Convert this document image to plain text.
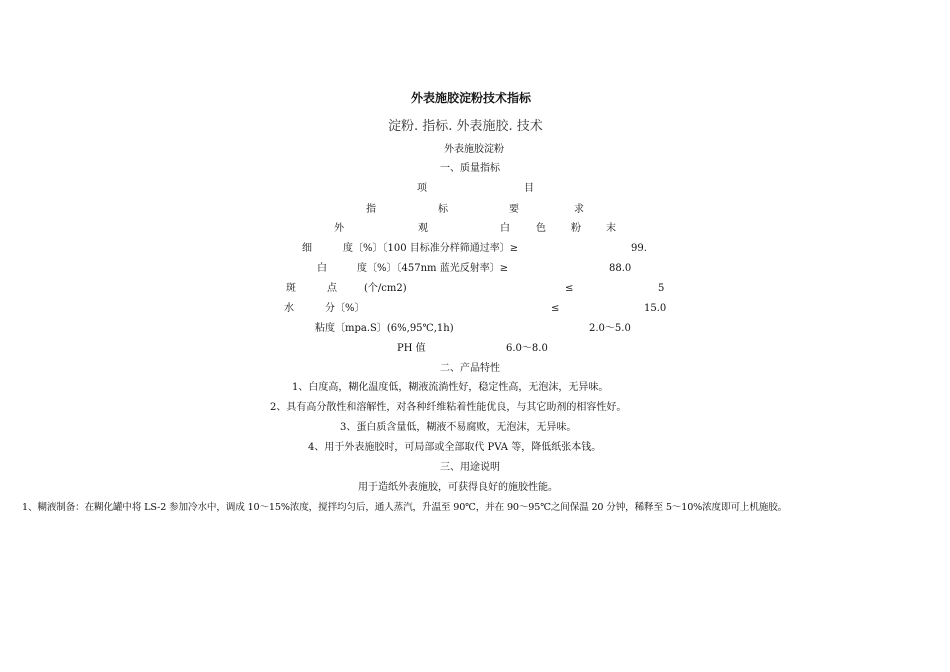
外表施胶淀粉技术指标
淀粉. 指标. 外表施胶. 技术
外表施胶淀粉
一、质量指标
项	目
指	标	要	求
外	观	白	色	粉	末
细	度〔%〕〔100 目标准分样筛通过率〕≥	99.
白	度〔%〕〔457nm 蓝光反射率〕≥	88.0
斑	点	(个/cm2)	≤	5
水	分〔%〕	≤	15.0
粘度〔mpa.S〕(6%,95℃,1h)	2.0～5.0
PH 值	6.0～8.0
二、产品特性
1、白度高，糊化温度低，糊液流淌性好，稳定性高，无泡沫，无异味。
2、具有高分散性和溶解性，对各种纤维粘着性能优良，与其它助剂的相容性好。
3、蛋白质含量低，糊液不易腐败，无泡沫，无异味。
4、用于外表施胶时，可局部或全部取代 PVA 等，降低纸张本钱。
三、用途说明
用于造纸外表施胶，可获得良好的施胶性能。
1、糊液制备：在糊化罐中将 LS-2 参加冷水中，调成 10～15%浓度，搅拌均匀后，通人蒸汽，升温至 90℃，并在 90～95℃之间保温 20 分钟，稀释至 5～10%浓度即可上机施胶。
